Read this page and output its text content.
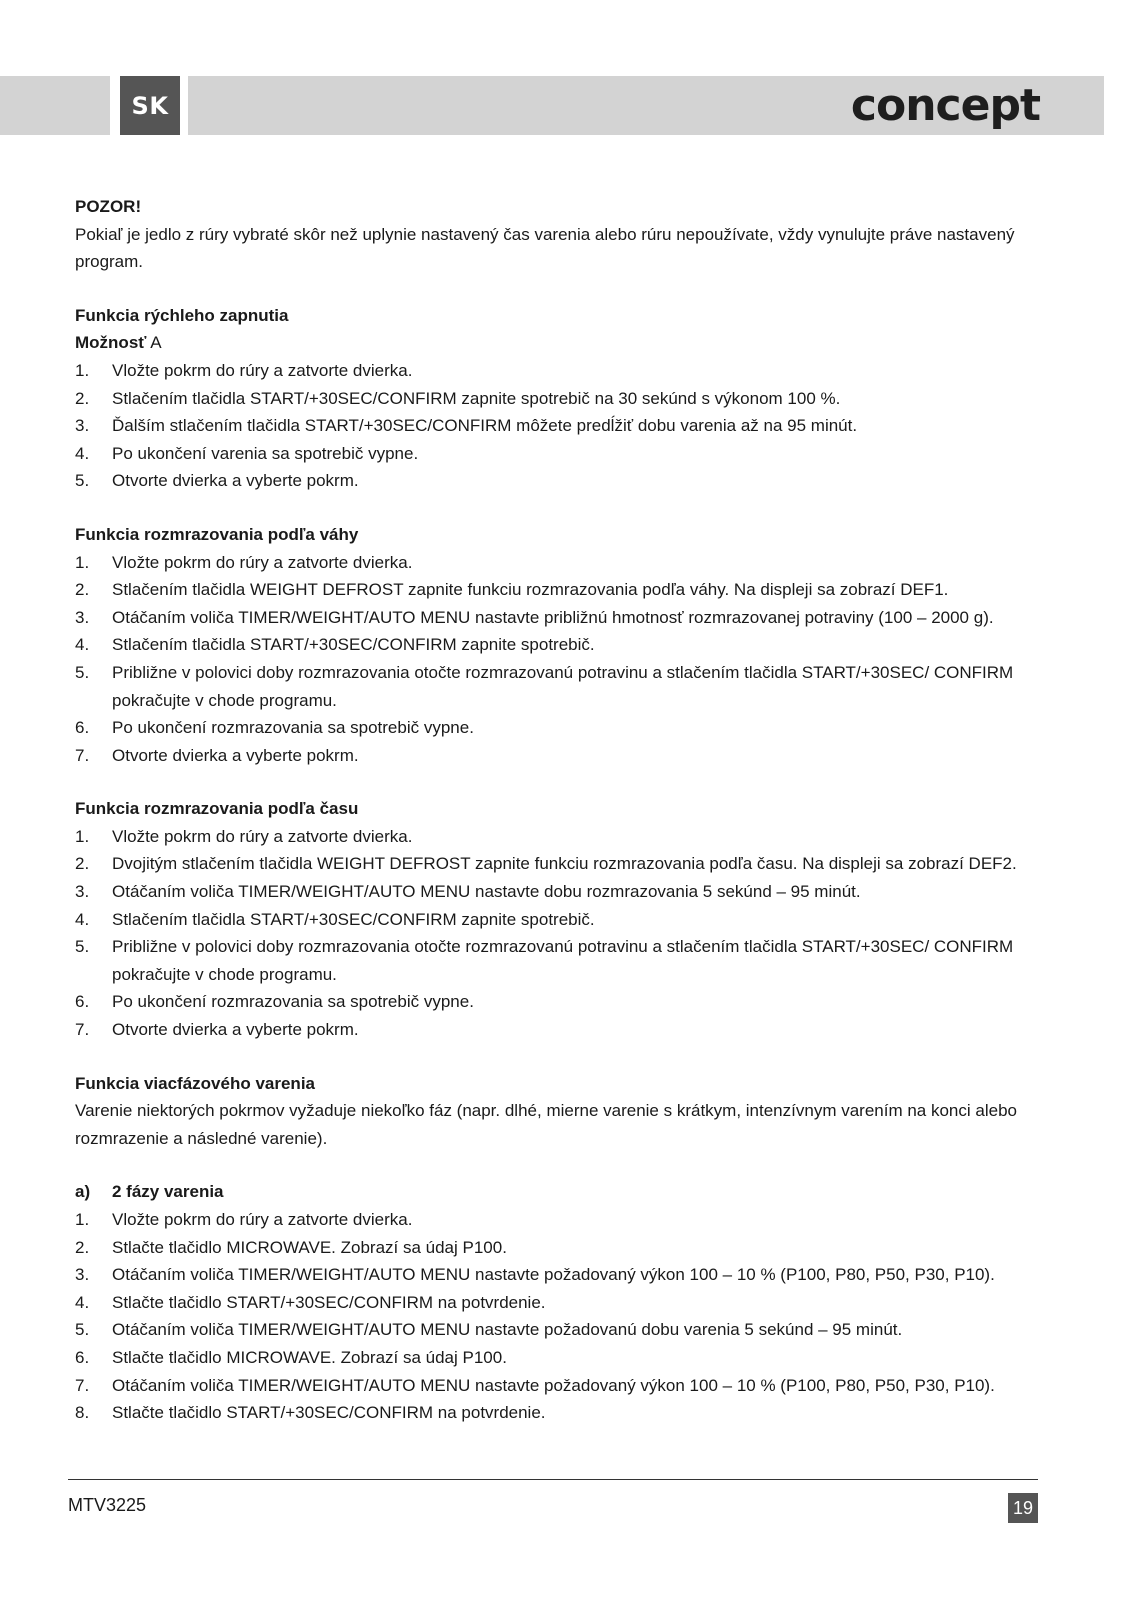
SK	concept
POZOR!

Pokiaľ je jedlo z rúry vybraté skôr než uplynie nastavený čas varenia alebo rúru nepoužívate, vždy vynulujte práve nastavený program.

Funkcia rýchleho zapnutia
Možnosť A
1.	Vložte pokrm do rúry a zatvorte dvierka.
2.	Stlačením tlačidla START/+30SEC/CONFIRM zapnite spotrebič na 30 sekúnd s výkonom 100 %.
3.	Ďalším stlačením tlačidla START/+30SEC/CONFIRM môžete predĺžiť dobu varenia až na 95 minút.
4.	Po ukončení varenia sa spotrebič vypne.
5.	Otvorte dvierka a vyberte pokrm.
Funkcia rozmrazovania podľa váhy
1.	Vložte pokrm do rúry a zatvorte dvierka.
2.	Stlačením tlačidla WEIGHT DEFROST zapnite funkciu rozmrazovania podľa váhy. Na displeji sa zobrazí DEF1.
3.	Otáčaním voliča TIMER/WEIGHT/AUTO MENU nastavte približnú hmotnosť rozmrazovanej potraviny (100 – 2000 g).
4.	Stlačením tlačidla START/+30SEC/CONFIRM zapnite spotrebič.
5.	Približne v polovici doby rozmrazovania otočte rozmrazovanú potravinu a stlačením tlačidla START/+30SEC/ CONFIRM pokračujte v chode programu.
6.	Po ukončení rozmrazovania sa spotrebič vypne.
7.	Otvorte dvierka a vyberte pokrm.
Funkcia rozmrazovania podľa času
1.	Vložte pokrm do rúry a zatvorte dvierka.
2.	Dvojitým stlačením tlačidla WEIGHT DEFROST zapnite funkciu rozmrazovania podľa času. Na displeji sa zobrazí DEF2.
3.	Otáčaním voliča TIMER/WEIGHT/AUTO MENU nastavte dobu rozmrazovania 5 sekúnd – 95 minút.
4.	Stlačením tlačidla START/+30SEC/CONFIRM zapnite spotrebič.
5.	Približne v polovici doby rozmrazovania otočte rozmrazovanú potravinu a stlačením tlačidla START/+30SEC/ CONFIRM pokračujte v chode programu.
6.	Po ukončení rozmrazovania sa spotrebič vypne.
7.	Otvorte dvierka a vyberte pokrm.
Funkcia viacfázového varenia

Varenie niektorých pokrmov vyžaduje niekoľko fáz (napr. dlhé, mierne varenie s krátkym, intenzívnym varením na konci alebo rozmrazenie a následné varenie).

a)	2 fázy varenia
1.	Vložte pokrm do rúry a zatvorte dvierka.
2.	Stlačte tlačidlo MICROWAVE. Zobrazí sa údaj P100.
3.	Otáčaním voliča TIMER/WEIGHT/AUTO MENU nastavte požadovaný výkon 100 – 10 % (P100, P80, P50, P30, P10).
4.	Stlačte tlačidlo START/+30SEC/CONFIRM na potvrdenie.
5.	Otáčaním voliča TIMER/WEIGHT/AUTO MENU nastavte požadovanú dobu varenia 5 sekúnd – 95 minút.
6.	Stlačte tlačidlo MICROWAVE. Zobrazí sa údaj P100.
7.	Otáčaním voliča TIMER/WEIGHT/AUTO MENU nastavte požadovaný výkon 100 – 10 % (P100, P80, P50, P30, P10).
8.	Stlačte tlačidlo START/+30SEC/CONFIRM na potvrdenie.
MTV3225	19
